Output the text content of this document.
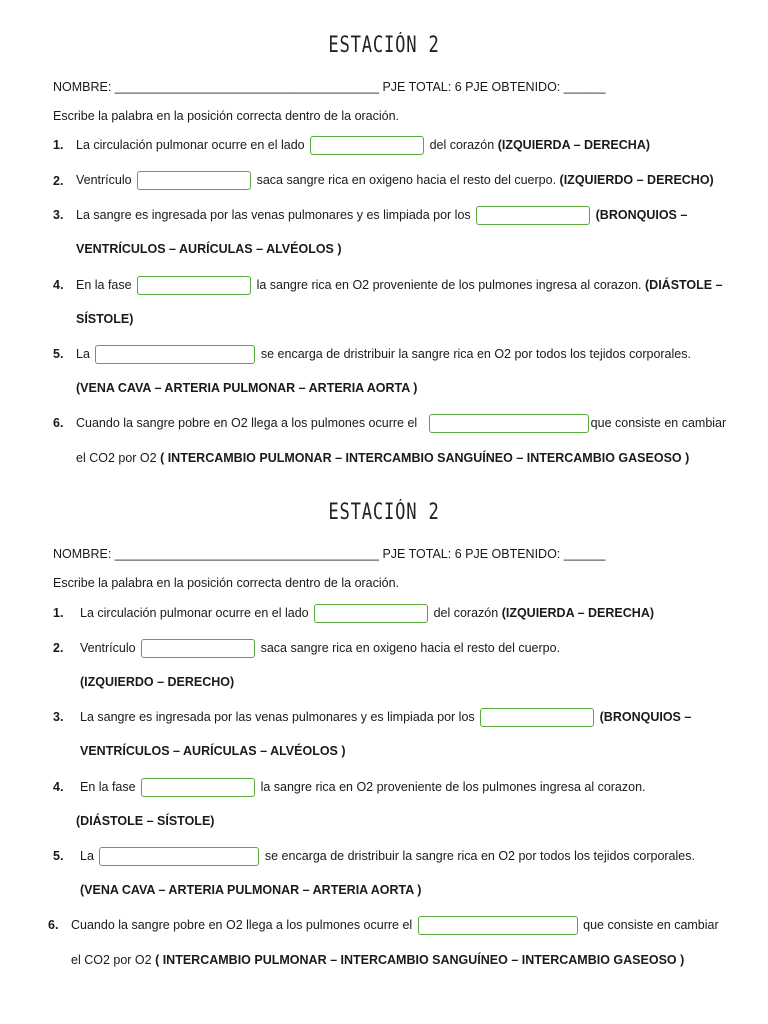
ESTACIÓN 2
NOMBRE: ______________________________________ PJE TOTAL: 6 PJE OBTENIDO: ______
Escribe la palabra en la posición correcta dentro de la oración.
1. La circulación pulmonar ocurre en el lado	del corazón (IZQUIERDA – DERECHA)
2. Ventrículo	saca sangre rica en oxigeno hacia el resto del cuerpo. (IZQUIERDO – DERECHO)
3. La sangre es ingresada por las venas pulmonares y es limpiada por los	(BRONQUIOS –
VENTRÍCULOS – AURÍCULAS – ALVÉOLOS )
4. En la fase	la sangre rica en O2 proveniente de los pulmones ingresa al corazon. (DIÁSTOLE –
SÍSTOLE)
5. La	se encarga de dristribuir la sangre rica en O2 por todos los tejidos corporales.
(VENA CAVA – ARTERIA PULMONAR – ARTERIA AORTA )
6. Cuando la sangre pobre en O2 llega a los pulmones ocurre el	que consiste en cambiar
el CO2 por O2 ( INTERCAMBIO PULMONAR – INTERCAMBIO SANGUÍNEO – INTERCAMBIO GASEOSO )
ESTACIÓN 2
NOMBRE: ______________________________________ PJE TOTAL: 6 PJE OBTENIDO: ______
Escribe la palabra en la posición correcta dentro de la oración.
1. La circulación pulmonar ocurre en el lado	del corazón (IZQUIERDA – DERECHA)
2. Ventrículo	saca sangre rica en oxigeno hacia el resto del cuerpo.
(IZQUIERDO – DERECHO)
3. La sangre es ingresada por las venas pulmonares y es limpiada por los	(BRONQUIOS –
VENTRÍCULOS – AURÍCULAS – ALVÉOLOS )
4. En la fase	la sangre rica en O2 proveniente de los pulmones ingresa al corazon.
(DIÁSTOLE – SÍSTOLE)
5. La	se encarga de dristribuir la sangre rica en O2 por todos los tejidos corporales.
(VENA CAVA – ARTERIA PULMONAR – ARTERIA AORTA )
6. Cuando la sangre pobre en O2 llega a los pulmones ocurre el	que consiste en cambiar
el CO2 por O2 ( INTERCAMBIO PULMONAR – INTERCAMBIO SANGUÍNEO – INTERCAMBIO GASEOSO )
